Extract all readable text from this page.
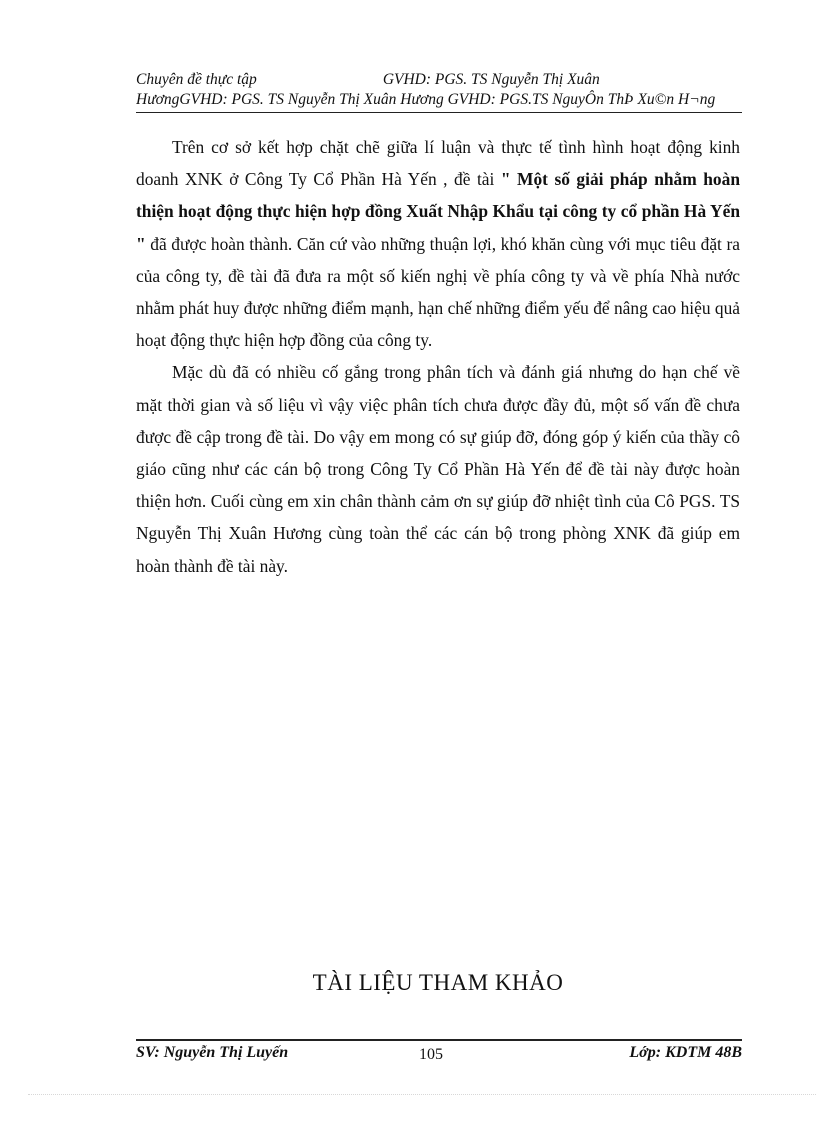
Chuyên đề thực tập	GVHD: PGS. TS Nguyễn Thị Xuân
HươngGVHD: PGS. TS Nguyễn Thị Xuân Hương GVHD: PGS.TS NguyÔn ThÞ Xu©n H¬ng

Trên cơ sở kết hợp chặt chẽ giữa lí luận và thực tế tình hình hoạt động kinh doanh XNK ở Công Ty Cổ Phần Hà Yến , đề tài " Một số giải pháp nhằm hoàn thiện hoạt động thực hiện hợp đồng Xuất Nhập Khẩu tại công ty cổ phần Hà Yến " đã được hoàn thành. Căn cứ vào những thuận lợi, khó khăn cùng với mục tiêu đặt ra của công ty, đề tài đã đưa ra một số kiến nghị về phía công ty và về phía Nhà nước nhằm phát huy được những điểm mạnh, hạn chế những điểm yếu để nâng cao hiệu quả hoạt động thực hiện hợp đồng của công ty.

Mặc dù đã có nhiều cố gắng trong phân tích và đánh giá nhưng do hạn chế về mặt thời gian và số liệu vì vậy việc phân tích chưa được đầy đủ, một số vấn đề chưa được đề cập trong đề tài. Do vậy em mong có sự giúp đỡ, đóng góp ý kiến của thầy cô giáo cũng như các cán bộ trong Công Ty Cổ Phần Hà Yến để đề tài này được hoàn thiện hơn. Cuối cùng em xin chân thành cảm ơn sự giúp đỡ nhiệt tình của Cô PGS. TS Nguyễn Thị Xuân Hương cùng toàn thể các cán bộ trong phòng XNK đã giúp em hoàn thành đề tài này.

TÀI LIỆU THAM KHẢO
SV: Nguyễn Thị Luyến	105	Lớp: KDTM 48B
